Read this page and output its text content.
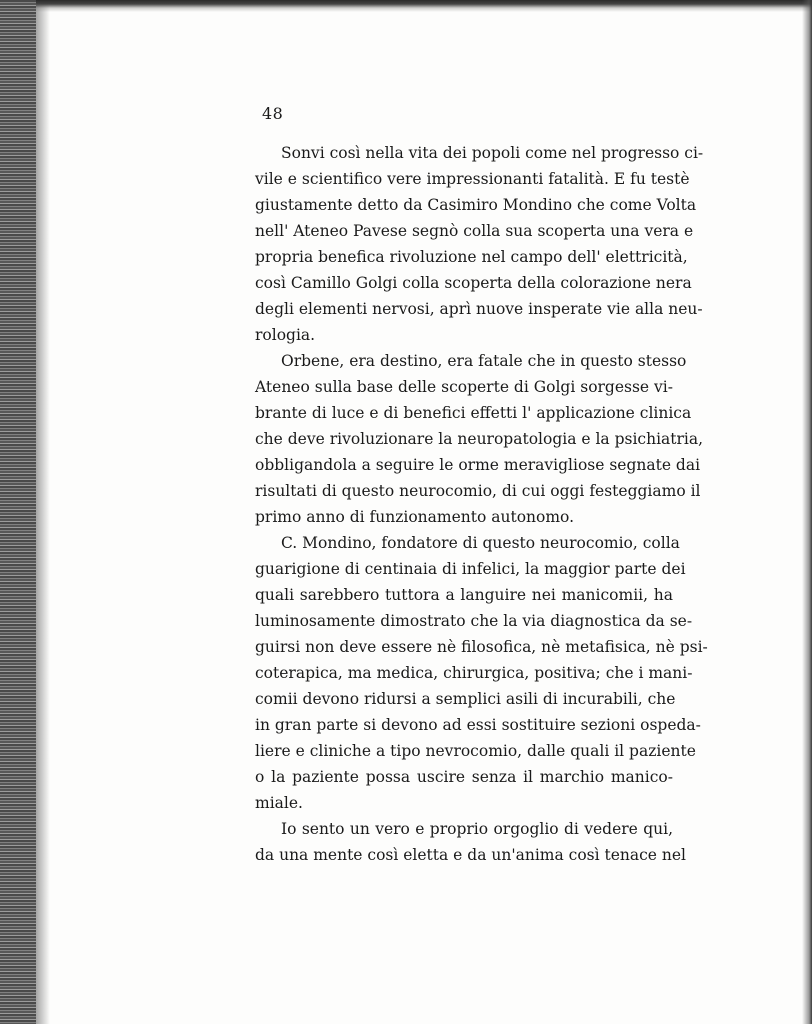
48
Sonvi così nella vita dei popoli come nel progresso ci-
vile e scientifico vere impressionanti fatalità. E fu testè
giustamente detto da Casimiro Mondino che come Volta
nell' Ateneo Pavese segnò colla sua scoperta una vera e
propria benefica rivoluzione nel campo dell' elettricità,
così Camillo Golgi colla scoperta della colorazione nera
degli elementi nervosi, aprì nuove insperate vie alla neu-
rologia.
Orbene, era destino, era fatale che in questo stesso
Ateneo sulla base delle scoperte di Golgi sorgesse vi-
brante di luce e di benefici effetti l' applicazione clinica
che deve rivoluzionare la neuropatologia e la psichiatria,
obbligandola a seguire le orme meravigliose segnate dai
risultati di questo neurocomio, di cui oggi festeggiamo il
primo anno di funzionamento autonomo.
C. Mondino, fondatore di questo neurocomio, colla
guarigione di centinaia di infelici, la maggior parte dei
quali sarebbero tuttora a languire nei manicomii, ha
luminosamente dimostrato che la via diagnostica da se-
guirsi non deve essere nè filosofica, nè metafisica, nè psi-
coterapica, ma medica, chirurgica, positiva; che i mani-
comii devono ridursi a semplici asili di incurabili, che
in gran parte si devono ad essi sostituire sezioni ospeda-
liere e cliniche a tipo nevrocomio, dalle quali il paziente
o la paziente possa uscire senza il marchio manico-
miale.
Io sento un vero e proprio orgoglio di vedere qui,
da una mente così eletta e da un'anima così tenace nel
